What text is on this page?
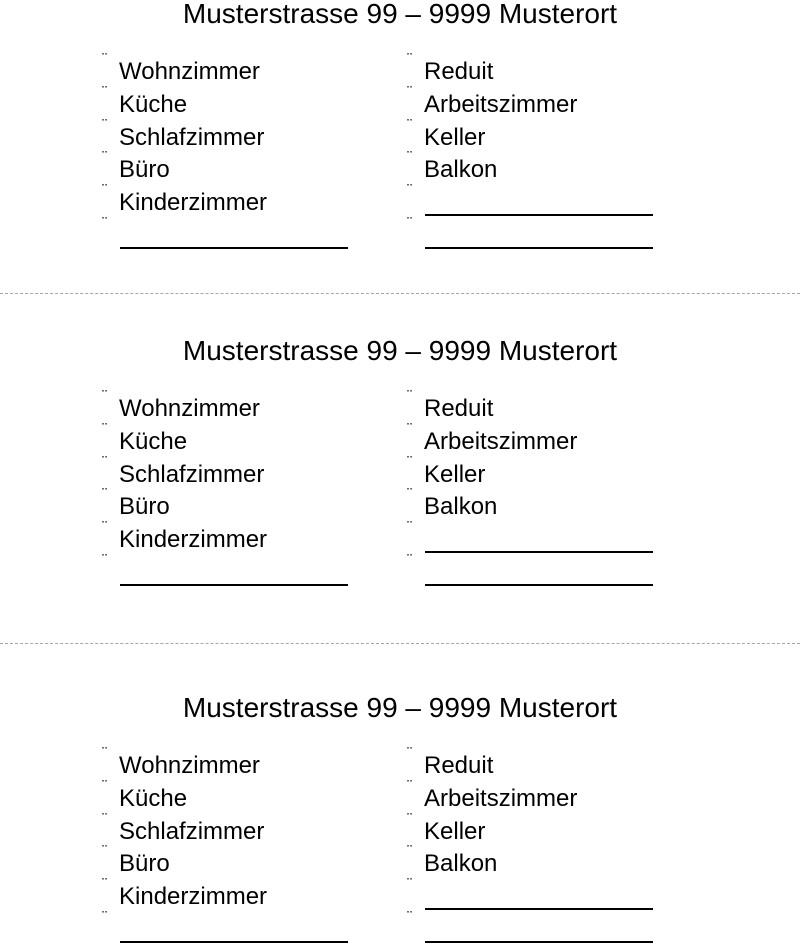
Musterstrasse 99 – 9999 Musterort
¨ Wohnzimmer
¨ Küche
¨ Schlafzimmer
¨ Büro
¨ Kinderzimmer
¨
¨ Reduit
¨ Arbeitszimmer
¨ Keller
¨ Balkon
¨
¨
Musterstrasse 99 – 9999 Musterort
¨ Wohnzimmer
¨ Küche
¨ Schlafzimmer
¨ Büro
¨ Kinderzimmer
¨
¨ Reduit
¨ Arbeitszimmer
¨ Keller
¨ Balkon
¨
¨
Musterstrasse 99 – 9999 Musterort
¨ Wohnzimmer
¨ Küche
¨ Schlafzimmer
¨ Büro
¨ Kinderzimmer
¨
¨ Reduit
¨ Arbeitszimmer
¨ Keller
¨ Balkon
¨
¨
